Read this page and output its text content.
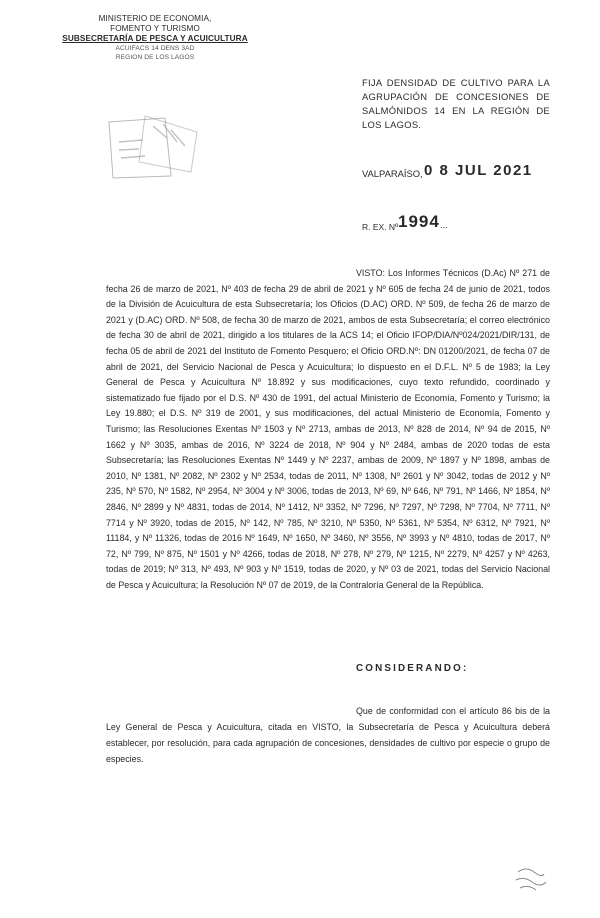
MINISTERIO DE ECONOMIA,
FOMENTO Y TURISMO
SUBSECRETARÍA DE PESCA Y ACUICULTURA
ACUIFACS 14 DENS 3AD
REGION DE LOS LAGOS
FIJA DENSIDAD DE CULTIVO PARA LA AGRUPACIÓN DE CONCESIONES DE SALMÓNIDOS 14 EN LA REGIÓN DE LOS LAGOS.
VALPARAÍSO, 0 8 JUL 2021
R. EX. Nº 1994 ...
VISTO: Los Informes Técnicos (D.Ac) Nº 271 de fecha 26 de marzo de 2021, Nº 403 de fecha 29 de abril de 2021 y Nº 605 de fecha 24 de junio de 2021, todos de la División de Acuicultura de esta Subsecretaría; los Oficios (D.AC) ORD. Nº 509, de fecha 26 de marzo de 2021 y (D.AC) ORD. Nº 508, de fecha 30 de marzo de 2021, ambos de esta Subsecretaría; el correo electrónico de fecha 30 de abril de 2021, dirigido a los titulares de la ACS 14; el Oficio IFOP/DIA/Nº024/2021/DIR/131, de fecha 05 de abril de 2021 del Instituto de Fomento Pesquero; el Oficio ORD.Nº: DN 01200/2021, de fecha 07 de abril de 2021, del Servicio Nacional de Pesca y Acuicultura; lo dispuesto en el D.F.L. Nº 5 de 1983; la Ley General de Pesca y Acuicultura Nº 18.892 y sus modificaciones, cuyo texto refundido, coordinado y sistematizado fue fijado por el D.S. Nº 430 de 1991, del actual Ministerio de Economía, Fomento y Turismo; la Ley 19.880; el D.S. Nº 319 de 2001, y sus modificaciones, del actual Ministerio de Economía, Fomento y Turismo; las Resoluciones Exentas Nº 1503 y Nº 2713, ambas de 2013, Nº 828 de 2014, Nº 94 de 2015, Nº 1662 y Nº 3035, ambas de 2016, Nº 3224 de 2018, Nº 904 y Nº 2484, ambas de 2020 todas de esta Subsecretaría; las Resoluciones Exentas Nº 1449 y Nº 2237, ambas de 2009, Nº 1897 y Nº 1898, ambas de 2010, Nº 1381, Nº 2082, Nº 2302 y Nº 2534, todas de 2011, Nº 1308, Nº 2601 y Nº 3042, todas de 2012 y Nº 235, Nº 570, Nº 1582, Nº 2954, Nº 3004 y Nº 3006, todas de 2013, Nº 69, Nº 646, Nº 791, Nº 1466, Nº 1854, Nº 2846, Nº 2899 y Nº 4831, todas de 2014, Nº 1412, Nº 3352, Nº 7296, Nº 7297, Nº 7298, Nº 7704, Nº 7711, Nº 7714 y Nº 3920, todas de 2015, Nº 142, Nº 785, Nº 3210, Nº 5350, Nº 5361, Nº 5354, Nº 6312, Nº 7921, Nº 11184, y Nº 11326, todas de 2016 Nº 1649, Nº 1650, Nº 3460, Nº 3556, Nº 3993 y Nº 4810, todas de 2017, Nº 72, Nº 799, Nº 875, Nº 1501 y Nº 4266, todas de 2018, Nº 278, Nº 279, Nº 1215, Nº 2279, Nº 4257 y Nº 4263, todas de 2019; Nº 313, Nº 493, Nº 903 y Nº 1519, todas de 2020, y Nº 03 de 2021, todas del Servicio Nacional de Pesca y Acuicultura; la Resolución Nº 07 de 2019, de la Contraloría General de la República.
CONSIDERANDO:
Que de conformidad con el artículo 86 bis de la Ley General de Pesca y Acuicultura, citada en VISTO, la Subsecretaría de Pesca y Acuicultura deberá establecer, por resolución, para cada agrupación de concesiones, densidades de cultivo por especie o grupo de especies.
